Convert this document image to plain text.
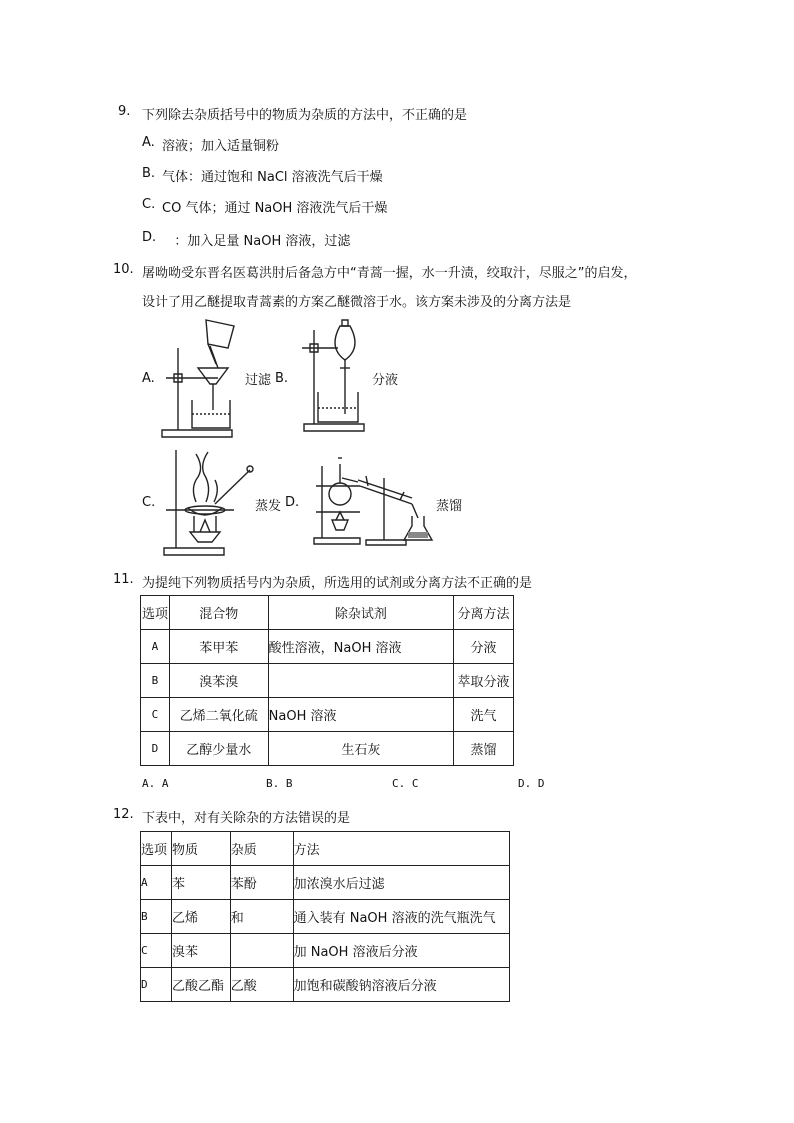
9. 下列除去杂质括号中的物质为杂质的方法中，不正确的是
A. 溶液；加入适量铜粉
B. 气体：通过饱和 NaCl 溶液洗气后干燥
C. CO 气体；通过 NaOH 溶液洗气后干燥
D. ：加入足量 NaOH 溶液，过滤
10. 屠呦呦受东晋名医葛洪肘后备急方中“青蒿一握，水一升渍，绞取汁，尽服之”的启发，
设计了用乙醚提取青蒿素的方案乙醚微溶于水。该方案未涉及的分离方法是
A.	过滤 B.	分液
C.	蒸发 D.	蒸馏
11. 为提纯下列物质括号内为杂质，所选用的试剂或分离方法不正确的是
选项	混合物	除杂试剂	分离方法
A	苯甲苯	酸性溶液，NaOH 溶液	分液
B	溴苯溴		萃取分液
C	乙烯二氧化硫	NaOH 溶液	洗气
D	乙醇少量水	生石灰	蒸馏
A. A	B. B	C. C	D. D
12. 下表中，对有关除杂的方法错误的是
选项	物质	杂质	方法
A	苯	苯酚	加浓溴水后过滤
B	乙烯	和	通入装有 NaOH 溶液的洗气瓶洗气
C	溴苯		加 NaOH 溶液后分液
D	乙酸乙酯	乙酸	加饱和碳酸钠溶液后分液
